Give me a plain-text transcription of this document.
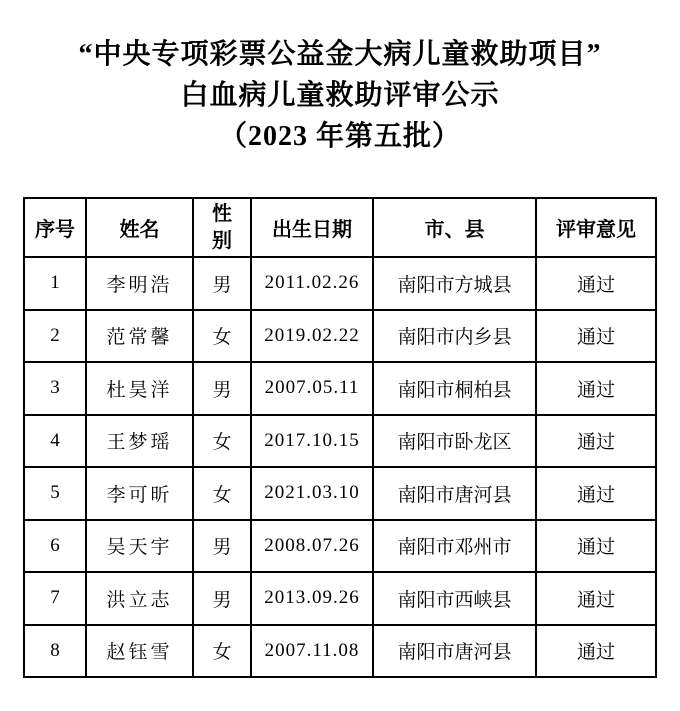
“中央专项彩票公益金大病儿童救助项目”
白血病儿童救助评审公示
（2023 年第五批）
序号	姓名	性别	出生日期	市、县	评审意见
1	李明浩	男	2011.02.26	南阳市方城县	通过
2	范常馨	女	2019.02.22	南阳市内乡县	通过
3	杜昊洋	男	2007.05.11	南阳市桐柏县	通过
4	王梦瑶	女	2017.10.15	南阳市卧龙区	通过
5	李可昕	女	2021.03.10	南阳市唐河县	通过
6	吴天宇	男	2008.07.26	南阳市邓州市	通过
7	洪立志	男	2013.09.26	南阳市西峡县	通过
8	赵钰雪	女	2007.11.08	南阳市唐河县	通过
